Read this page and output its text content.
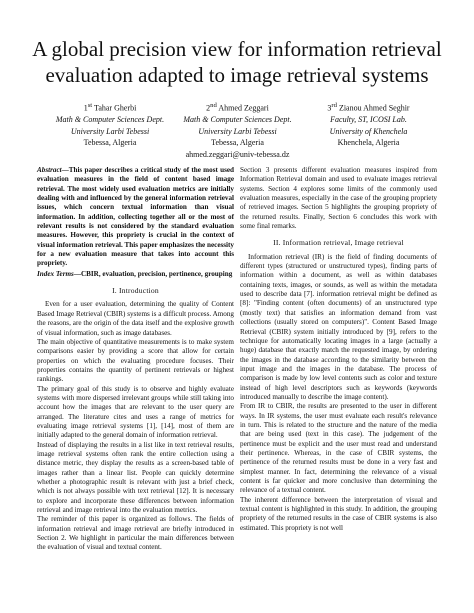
A global precision view for information retrieval
evaluation adapted to image retrieval systems
1st Tahar Gherbi
Math & Computer Sciences Dept.
University Larbi Tebessi
Tebessa, Algeria
2nd Ahmed Zeggari
Math & Computer Sciences Dept.
University Larbi Tebessi
Tebessa, Algeria
ahmed.zeggari@univ-tebessa.dz
3rd Zianou Ahmed Seghir
Faculty, ST, ICOSI Lab.
University of Khenchela
Khenchela, Algeria

Abstract—This paper describes a critical study of the most used evaluation measures in the field of content based image retrieval. The most widely used evaluation metrics are initially dealing with and influenced by the general information retrieval issues, which concern textual information than visual information. In addition, collecting together all or the most of relevant results is not considered by the standard evaluation measures. However, this propriety is crucial in the context of visual information retrieval. This paper emphasizes the necessity for a new evaluation measure that takes into account this propriety.

Index Terms—CBIR, evaluation, precision, pertinence, grouping

I. Introduction

Even for a user evaluation, determining the quality of Content Based Image Retrieval (CBIR) systems is a difficult process. Among the reasons, are the origin of the data itself and the explosive growth of visual information, such as image databases.

The main objective of quantitative measurements is to make system comparisons easier by providing a score that allow for certain properties on which the evaluating procedure focuses. Their properties contains the quantity of pertinent retrievals or highest rankings.

The primary goal of this study is to observe and highly evaluate systems with more dispersed irrelevant groups while still taking into account how the images that are relevant to the user query are arranged. The literature cites and uses a range of metrics for evaluating image retrieval systems [1], [14], most of them are initially adapted to the general domain of information retrieval.

Instead of displaying the results in a list like in text retrieval results, image retrieval systems often rank the entire collection using a distance metric, they display the results as a screen-based table of images rather than a linear list. People can quickly determine whether a photographic result is relevant with just a brief check, which is not always possible with text retrieval [12]. It is necessary to explore and incorporate these differences between information retrieval and image retrieval into the evaluation metrics.

The reminder of this paper is organized as follows. The fields of information retrieval and image retrieval are briefly introduced in Section 2. We highlight in particular the main differences between the evaluation of visual and textual content.

Section 3 presents different evaluation measures inspired from Information Retrieval domain and used to evaluate images retrieval systems. Section 4 explores some limits of the commonly used evaluation measures, especially in the case of the grouping propriety of retrieved images. Section 5 highlights the grouping propriety of the returned results. Finally, Section 6 concludes this work with some final remarks.

II. Information retrieval, Image retrieval

Information retrieval (IR) is the field of finding documents of different types (structured or unstructured types), finding parts of information within a document, as well as within databases containing texts, images, or sounds, as well as within the metadata used to describe data [7]. information retrieval might be defined as [8]: "Finding content (often documents) of an unstructured type (mostly text) that satisfies an information demand from vast collections (usually stored on computers)". Content Based Image Retrieval (CBIR) system initially introduced by [9], refers to the technique for automatically locating images in a large (actually a huge) database that exactly match the requested image, by ordering the images in the database according to the similarity between the input image and the images in the database. The process of comparison is made by low level contents such as color and texture instead of high level descriptors such as keywords (keywords introduced manually to describe the image content).

From IR to CBIR, the results are presented to the user in different ways. In IR systems, the user must evaluate each result's relevance in turn. This is related to the structure and the nature of the media that are being used (text in this case). The judgement of the pertinence must be explicit and the user must read and understand their pertinence. Whereas, in the case of CBIR systems, the pertinence of the returned results must be done in a very fast and simplest manner. In fact, determining the relevance of a visual content is far quicker and more conclusive than determining the relevance of a textual content.

The inherent difference between the interpretation of visual and textual content is highlighted in this study. In addition, the grouping propriety of the returned results in the case of CBIR systems is also estimated. This propriety is not well
